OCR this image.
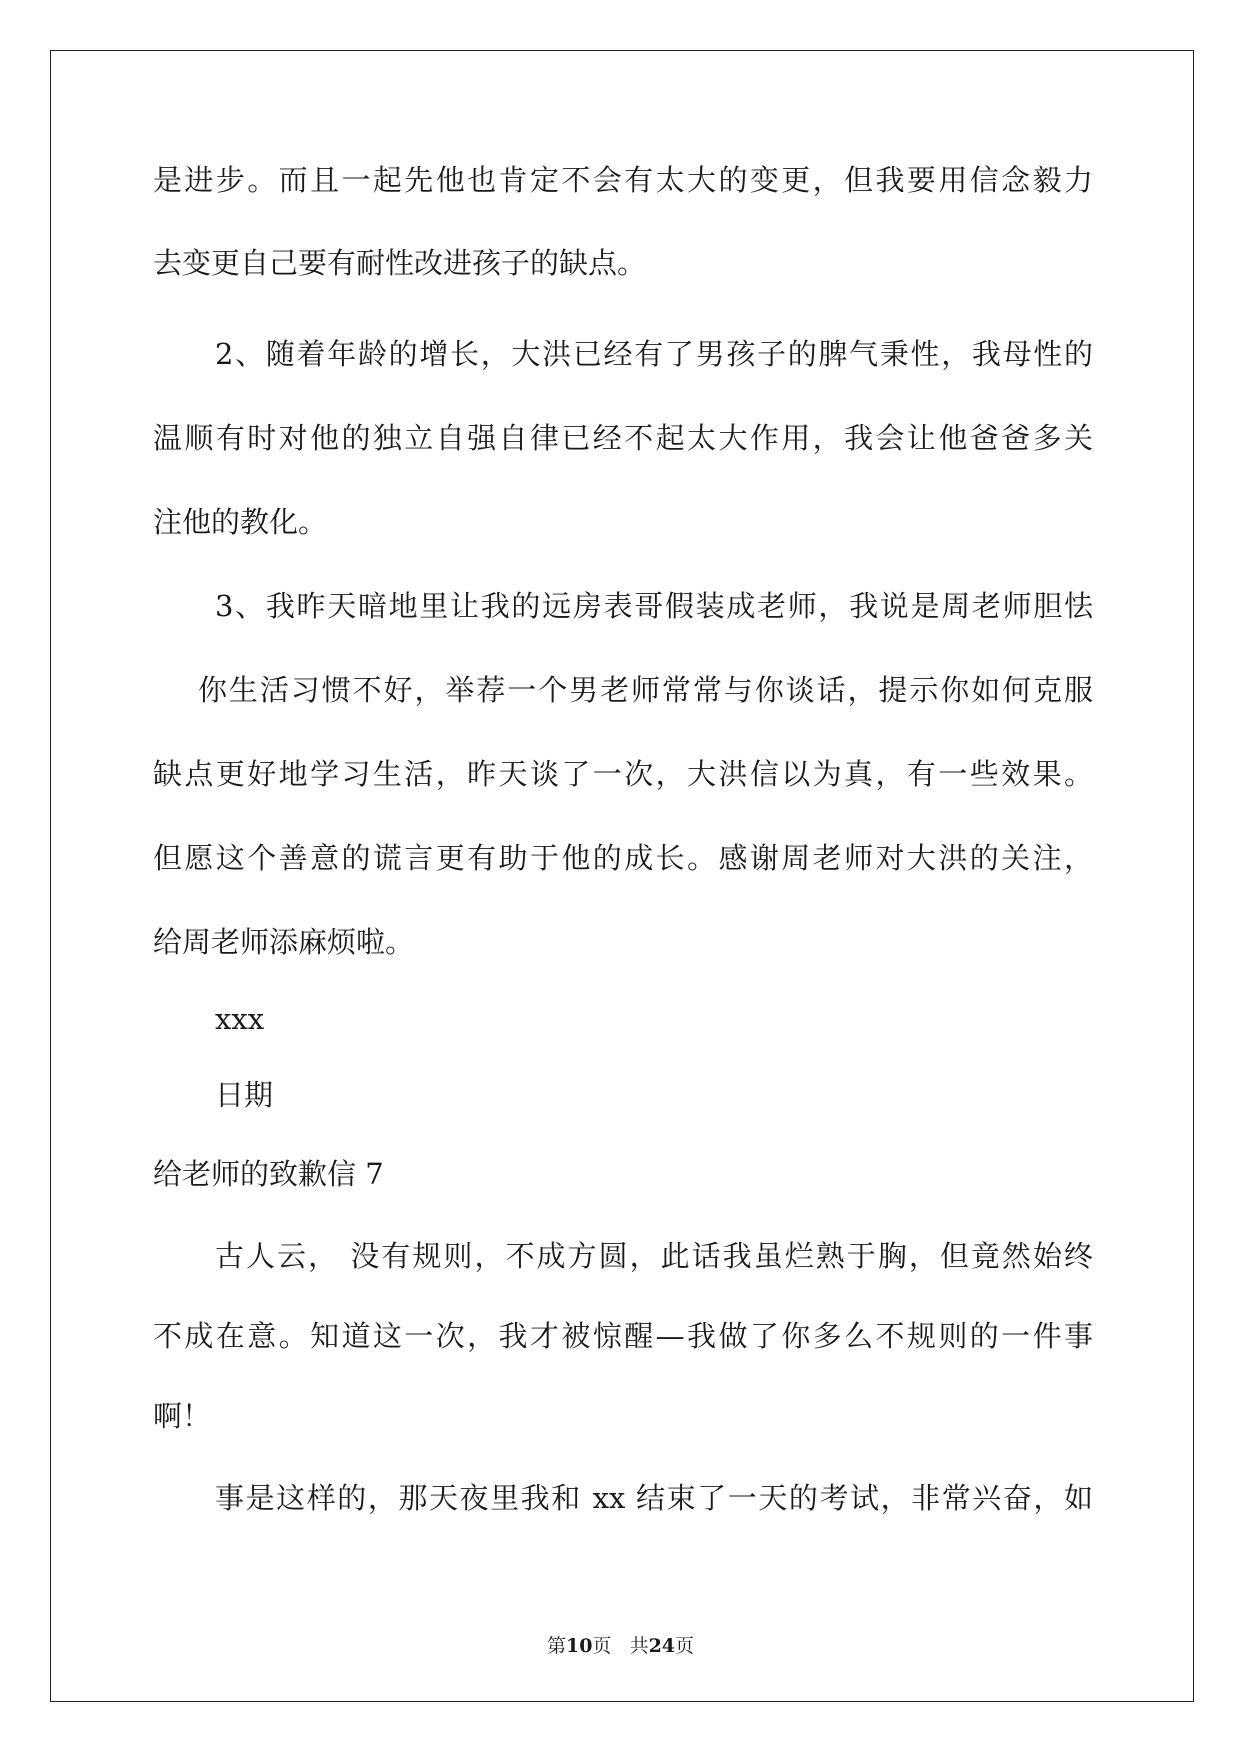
是进步。而且一起先他也肯定不会有太大的变更，但我要用信念毅力
去变更自己要有耐性改进孩子的缺点。
2、随着年龄的增长，大洪已经有了男孩子的脾气秉性，我母性的
温顺有时对他的独立自强自律已经不起太大作用，我会让他爸爸多关
注他的教化。
3、我昨天暗地里让我的远房表哥假装成老师，我说是周老师胆怯
你生活习惯不好，举荐一个男老师常常与你谈话，提示你如何克服
缺点更好地学习生活，昨天谈了一次，大洪信以为真，有一些效果。
但愿这个善意的谎言更有助于他的成长。感谢周老师对大洪的关注，
给周老师添麻烦啦。
xxx
日期
给老师的致歉信 7
古人云， 没有规则，不成方圆，此话我虽烂熟于胸，但竟然始终
不成在意。知道这一次，我才被惊醒—我做了你多么不规则的一件事
啊！
事是这样的，那天夜里我和 xx 结束了一天的考试，非常兴奋，如
第10页 共24页
